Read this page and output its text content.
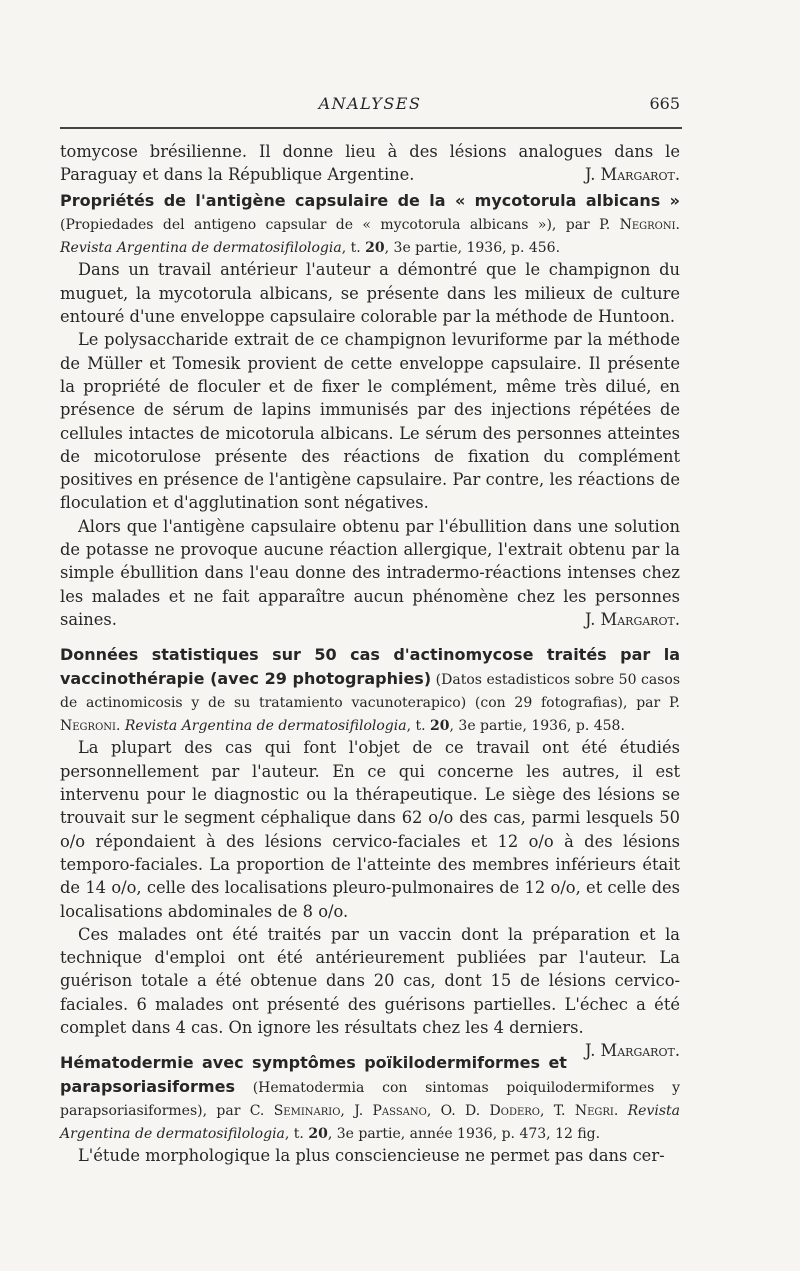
ANALYSES	665

tomycose brésilienne. Il donne lieu à des lésions analogues dans le Paraguay et dans la République Argentine.	J. Margarot.

Propriétés de l'antigène capsulaire de la « mycotorula albicans » (Propiedades del antigeno capsular de « mycotorula albicans »), par P. Negroni. Revista Argentina de dermatosifilologia, t. 20, 3e partie, 1936, p. 456.

Dans un travail antérieur l'auteur a démontré que le champignon du muguet, la mycotorula albicans, se présente dans les milieux de culture entouré d'une enveloppe capsulaire colorable par la méthode de Huntoon.

Le polysaccharide extrait de ce champignon levuriforme par la méthode de Müller et Tomesik provient de cette enveloppe capsulaire. Il présente la propriété de floculer et de fixer le complément, même très dilué, en présence de sérum de lapins immunisés par des injections répétées de cellules intactes de micotorula albicans. Le sérum des personnes atteintes de micotorulose présente des réactions de fixation du complément positives en présence de l'antigène capsulaire. Par contre, les réactions de floculation et d'agglutination sont négatives.

Alors que l'antigène capsulaire obtenu par l'ébullition dans une solution de potasse ne provoque aucune réaction allergique, l'extrait obtenu par la simple ébullition dans l'eau donne des intradermo-réactions intenses chez les malades et ne fait apparaître aucun phénomène chez les personnes saines.	J. Margarot.

Données statistiques sur 50 cas d'actinomycose traités par la vaccinothérapie (avec 29 photographies) (Datos estadisticos sobre 50 casos de actinomicosis y de su tratamiento vacunoterapico) (con 29 fotografias), par P. Negroni. Revista Argentina de dermatosifilologia, t. 20, 3e partie, 1936, p. 458.

La plupart des cas qui font l'objet de ce travail ont été étudiés personnellement par l'auteur. En ce qui concerne les autres, il est intervenu pour le diagnostic ou la thérapeutique. Le siège des lésions se trouvait sur le segment céphalique dans 62 o/o des cas, parmi lesquels 50 o/o répondaient à des lésions cervico-faciales et 12 o/o à des lésions temporo-faciales. La proportion de l'atteinte des membres inférieurs était de 14 o/o, celle des localisations pleuro-pulmonaires de 12 o/o, et celle des localisations abdominales de 8 o/o.

Ces malades ont été traités par un vaccin dont la préparation et la technique d'emploi ont été antérieurement publiées par l'auteur. La guérison totale a été obtenue dans 20 cas, dont 15 de lésions cervico-faciales. 6 malades ont présenté des guérisons partielles. L'échec a été complet dans 4 cas. On ignore les résultats chez les 4 derniers.
J. Margarot.

Hématodermie avec symptômes poïkilodermiformes et parapsoriasiformes (Hematodermia con sintomas poiquilodermiformes y parapsoriasiformes), par C. Seminario, J. Passano, O. D. Dodero, T. Negri. Revista Argentina de dermatosifilologia, t. 20, 3e partie, année 1936, p. 473, 12 fig.

L'étude morphologique la plus consciencieuse ne permet pas dans cer-
